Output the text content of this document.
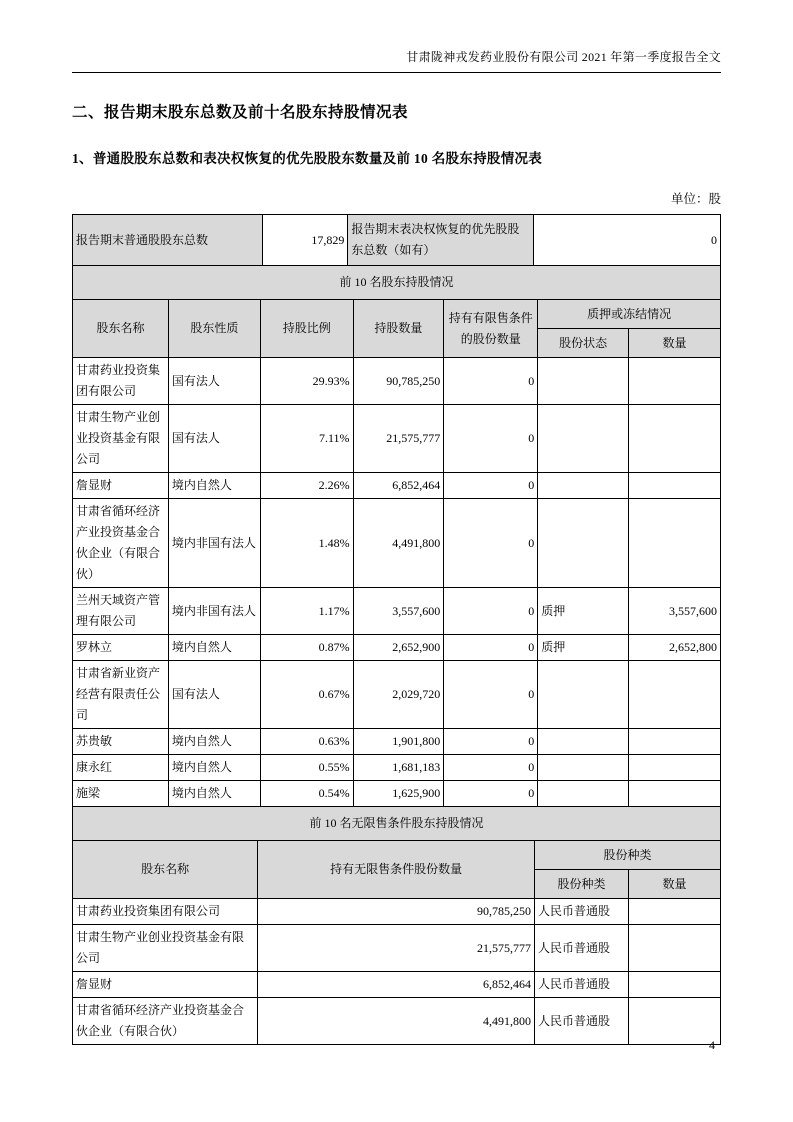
甘肃陇神戎发药业股份有限公司 2021 年第一季度报告全文
二、报告期末股东总数及前十名股东持股情况表
1、普通股股东总数和表决权恢复的优先股股东数量及前 10 名股东持股情况表
单位：股
报告期末普通股股东总数	17,829	报告期末表决权恢复的优先股股东总数（如有）	0
前 10 名股东持股情况						
股东名称	股东性质	持股比例	持股数量	持有有限售条件的股份数量	质押或冻结情况	
					股份状态	数量
甘肃药业投资集团有限公司	国有法人	29.93%	90,785,250	0		
甘肃生物产业创业投资基金有限公司	国有法人	7.11%	21,575,777	0		
詹显财	境内自然人	2.26%	6,852,464	0		
甘肃省循环经济产业投资基金合伙企业（有限合伙）	境内非国有法人	1.48%	4,491,800	0		
兰州天域资产管理有限公司	境内非国有法人	1.17%	3,557,600	0	质押	3,557,600
罗林立	境内自然人	0.87%	2,652,900	0	质押	2,652,800
甘肃省新业资产经营有限责任公司	国有法人	0.67%	2,029,720	0		
苏贵敏	境内自然人	0.63%	1,901,800	0		
康永红	境内自然人	0.55%	1,681,183	0		
施梁	境内自然人	0.54%	1,625,900	0		
前 10 名无限售条件股东持股情况			
股东名称	持有无限售条件股份数量	股份种类	
		股份种类	数量
甘肃药业投资集团有限公司	90,785,250	人民币普通股	
甘肃生物产业创业投资基金有限公司	21,575,777	人民币普通股	
詹显财	6,852,464	人民币普通股	
甘肃省循环经济产业投资基金合伙企业（有限合伙）	4,491,800	人民币普通股	
4
